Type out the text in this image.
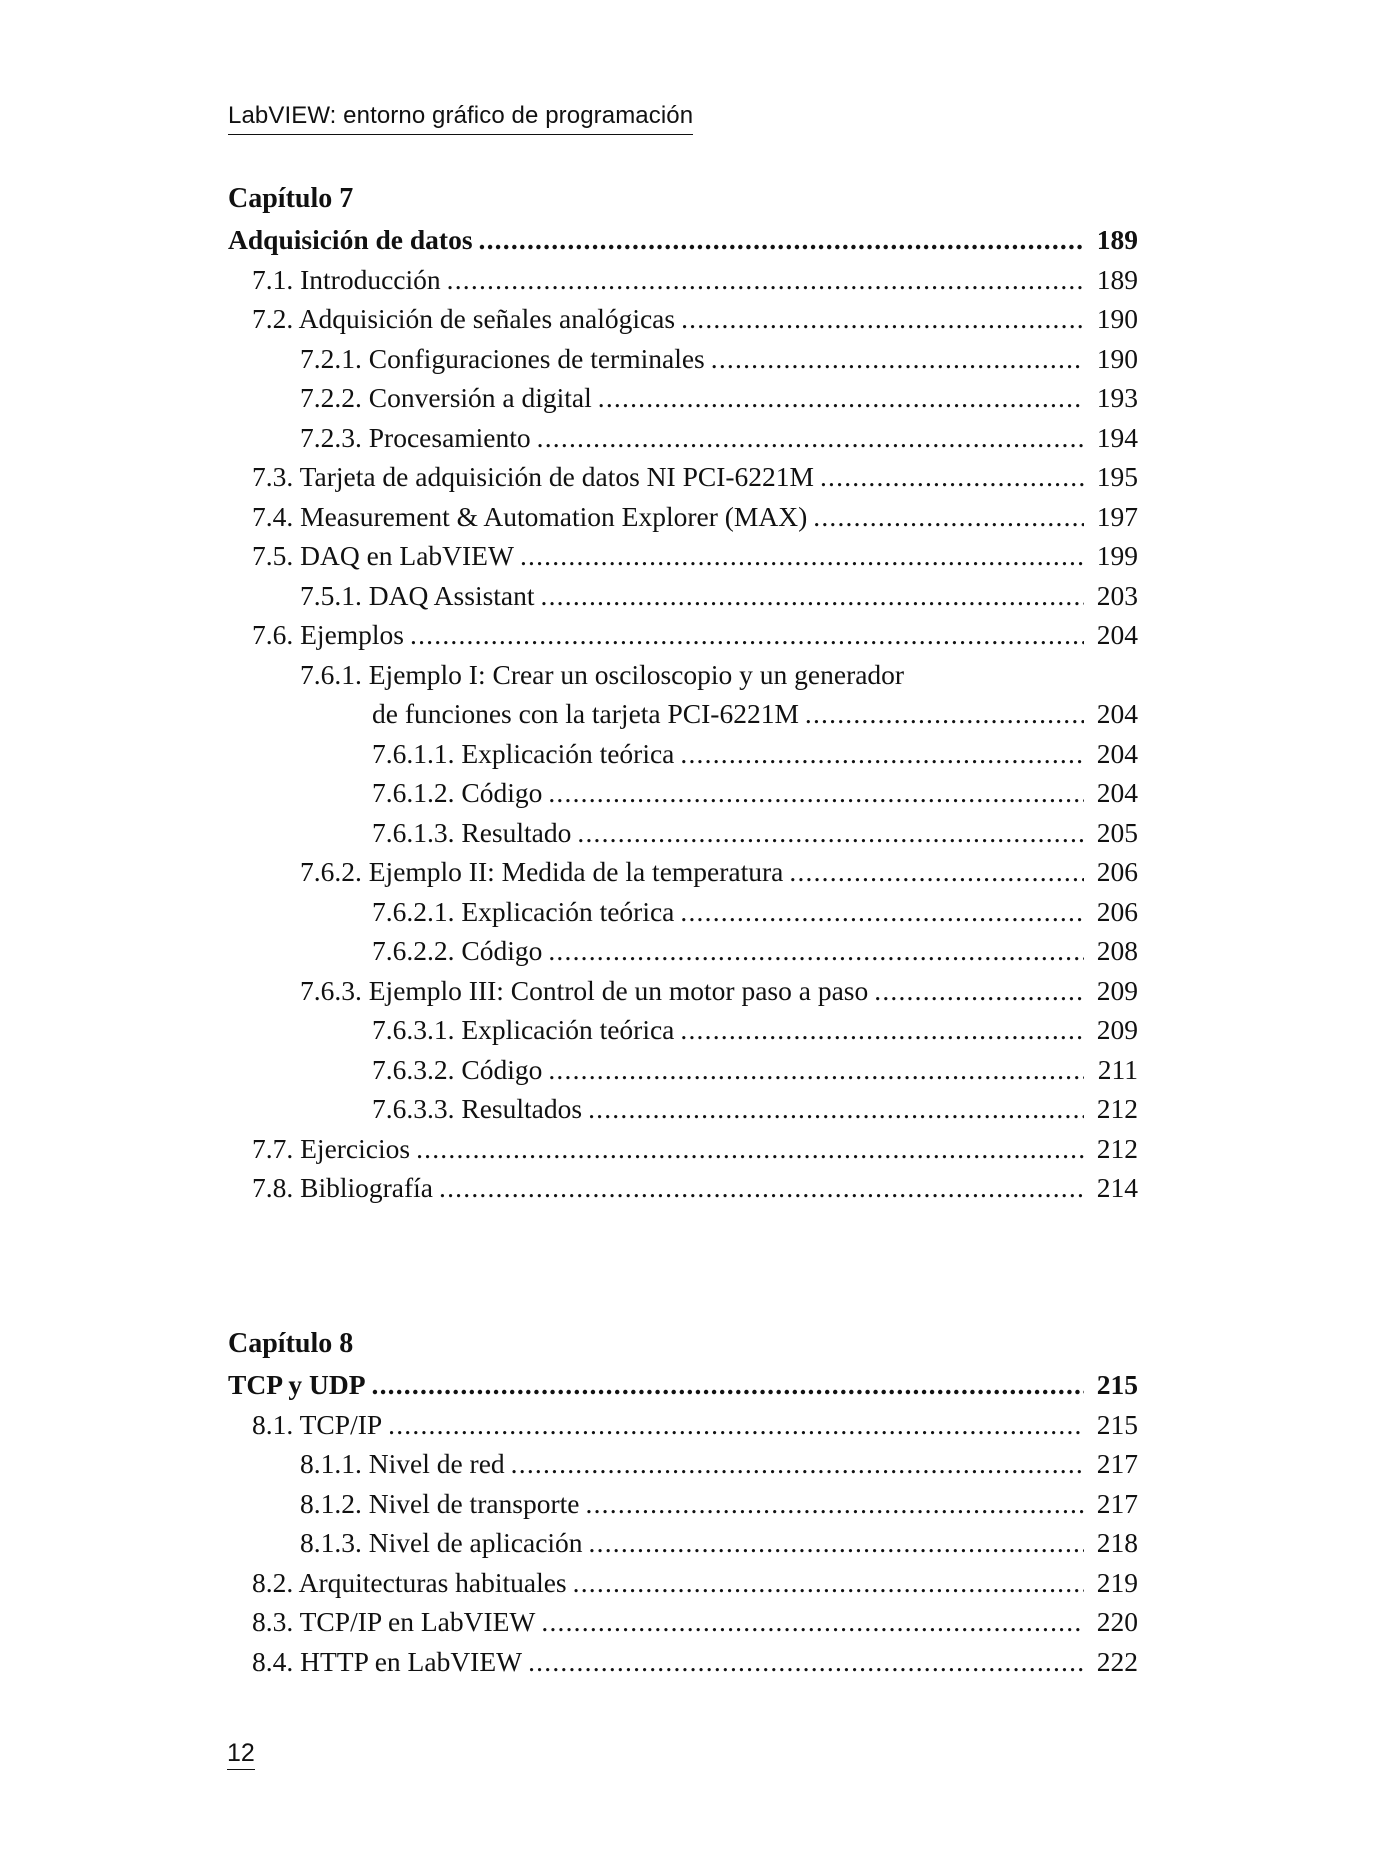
LabVIEW: entorno gráfico de programación
Capítulo 7
Adquisición de datos .....	189
7.1. Introducción .....	189
7.2. Adquisición de señales analógicas .....	190
7.2.1. Configuraciones de terminales .....	190
7.2.2. Conversión a digital .....	193
7.2.3. Procesamiento .....	194
7.3. Tarjeta de adquisición de datos NI PCI-6221M .....	195
7.4. Measurement & Automation Explorer (MAX) .....	197
7.5. DAQ en LabVIEW .....	199
7.5.1. DAQ Assistant .....	203
7.6. Ejemplos .....	204
7.6.1. Ejemplo I: Crear un osciloscopio y un generador
de funciones con la tarjeta PCI-6221M .....	204
7.6.1.1. Explicación teórica .....	204
7.6.1.2. Código .....	204
7.6.1.3. Resultado .....	205
7.6.2. Ejemplo II: Medida de la temperatura .....	206
7.6.2.1. Explicación teórica .....	206
7.6.2.2. Código .....	208
7.6.3. Ejemplo III: Control de un motor paso a paso .....	209
7.6.3.1. Explicación teórica .....	209
7.6.3.2. Código .....	211
7.6.3.3. Resultados .....	212
7.7. Ejercicios .....	212
7.8. Bibliografía .....	214
Capítulo 8
TCP y UDP .....	215
8.1. TCP/IP .....	215
8.1.1. Nivel de red .....	217
8.1.2. Nivel de transporte .....	217
8.1.3. Nivel de aplicación .....	218
8.2. Arquitecturas habituales .....	219
8.3. TCP/IP en LabVIEW .....	220
8.4. HTTP en LabVIEW .....	222
12
